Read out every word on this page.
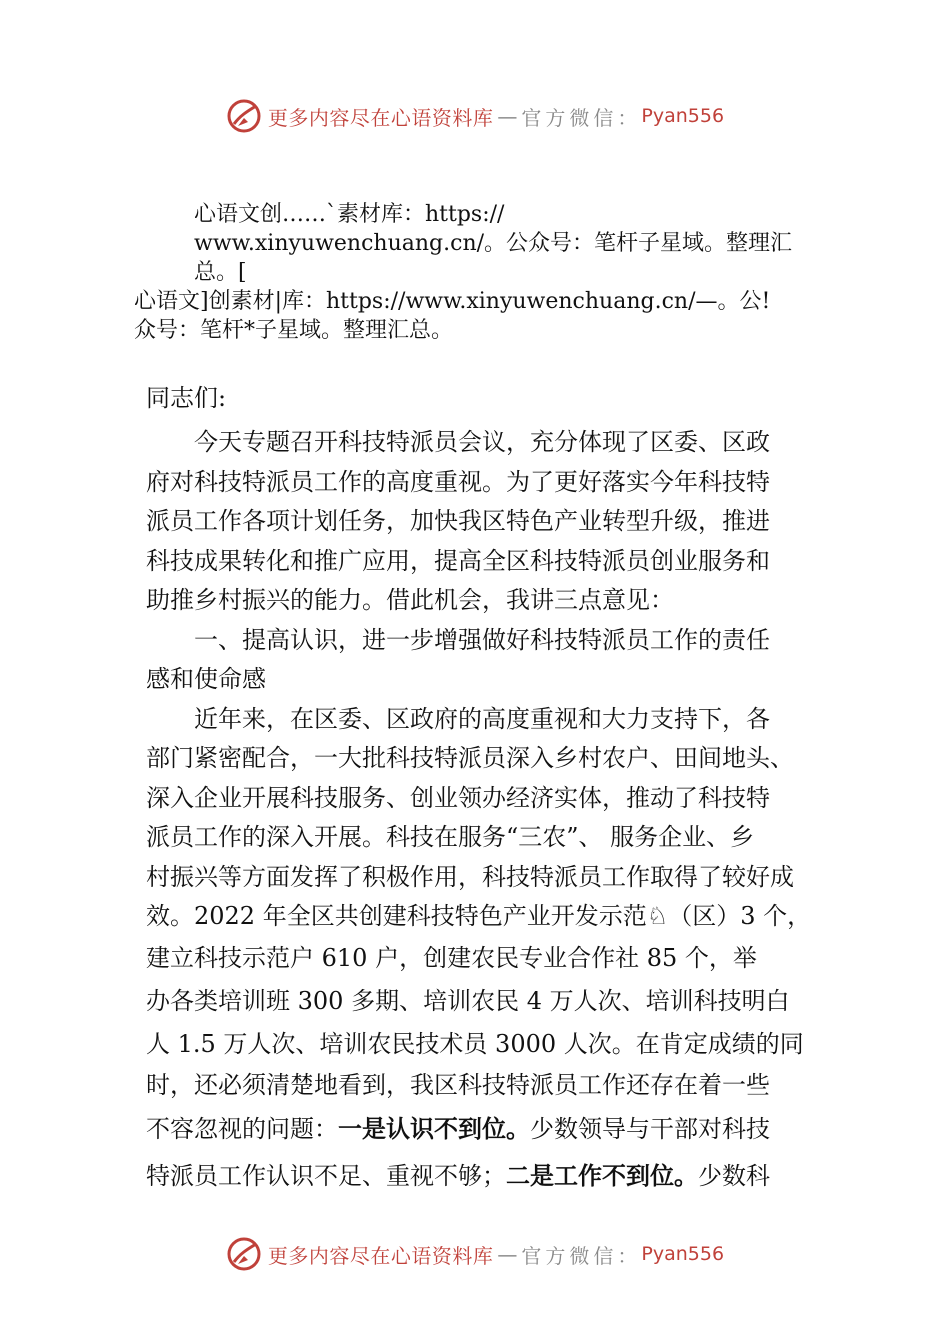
更多内容尽在心语资料库 — 官方微信： Pyan556
心语文创……`素材库：https://
www.xinyuwenchuang.cn/。公众号：笔杆子星域。整理汇
总。[
心语文]创素材|库：https://www.xinyuwenchuang.cn/—。公!
众号：笔杆*子星域。整理汇总。
同志们:
今天专题召开科技特派员会议，充分体现了区委、区政
府对科技特派员工作的高度重视。为了更好落实今年科技特
派员工作各项计划任务，加快我区特色产业转型升级，推进
科技成果转化和推广应用，提高全区科技特派员创业服务和
助推乡村振兴的能力。借此机会，我讲三点意见：
一、提高认识，进一步增强做好科技特派员工作的责任
感和使命感
近年来，在区委、区政府的高度重视和大力支持下，各
部门紧密配合，一大批科技特派员深入乡村农户、田间地头、
深入企业开展科技服务、创业领办经济实体，推动了科技特
派员工作的深入开展。科技在服务“三农”、 服务企业、乡
村振兴等方面发挥了积极作用，科技特派员工作取得了较好成
效。2022 年全区共创建科技特色产业开发示范♘（区）3 个，
建立科技示范户 610 户，创建农民专业合作社 85 个，举
办各类培训班 300 多期、培训农民 4 万人次、培训科技明白
人 1.5 万人次、培训农民技术员 3000 人次。在肯定成绩的同
时，还必须清楚地看到，我区科技特派员工作还存在着一些
不容忽视的问题：一是认识不到位。少数领导与干部对科技
特派员工作认识不足、重视不够；二是工作不到位。少数科
更多内容尽在心语资料库 — 官方微信： Pyan556
